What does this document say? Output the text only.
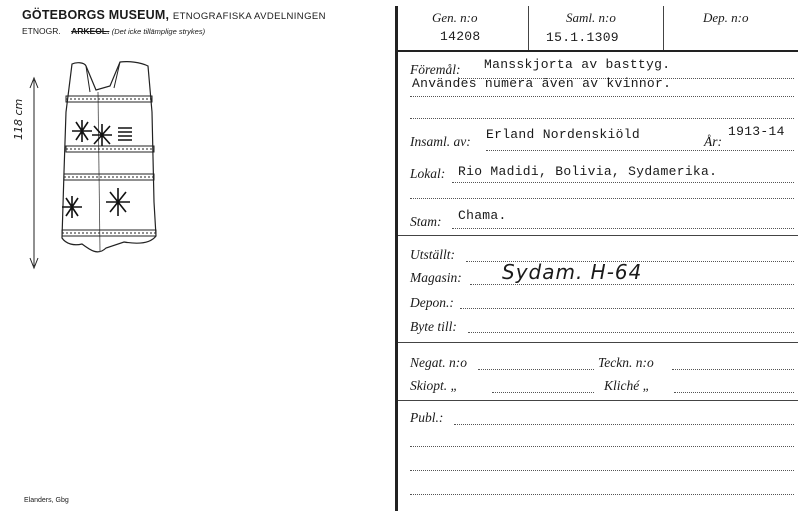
GÖTEBORGS MUSEUM, ETNOGRAFISKA AVDELNINGEN
ETNOGR. ARKEOL. (Det icke tillämplige strykes)
118 cm
Elanders, Gbg
Gen. n:o	Saml. n:o	Dep. n:o
14208	15.1.1309
Föremål: Mansskjorta av basttyg.
Användes numera även av kvinnor.
Insaml. av: Erland Nordenskiöld	År:
1913-14
Lokal: Rio Madidi, Bolivia, Sydamerika.
Stam: Chama.
Utställt:
Magasin: Sydam. H-64
Depon.:
Byte till:
Negat. n:o	Teckn. n:o
Skiopt. „	Kliché „
Publ.:
